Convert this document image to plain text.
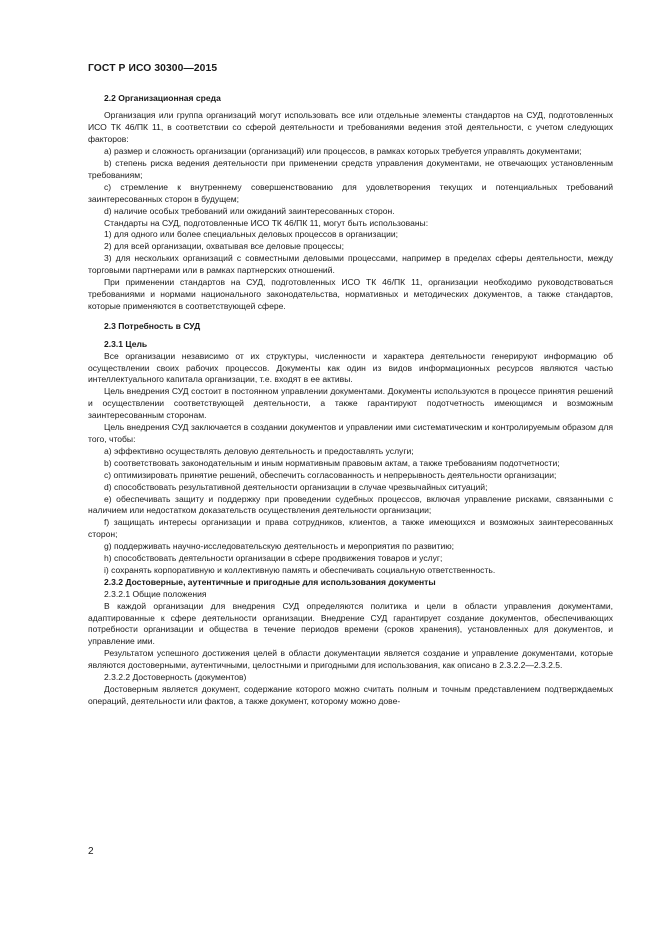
ГОСТ Р ИСО 30300—2015

2.2 Организационная среда

Организация или группа организаций могут использовать все или отдельные элементы стандартов на СУД, подготовленных ИСО ТК 46/ПК 11, в соответствии со сферой деятельности и требованиями ведения этой деятельности, с учетом следующих факторов:

a) размер и сложность организации (организаций) или процессов, в рамках которых требуется управлять документами;

b) степень риска ведения деятельности при применении средств управления документами, не отвечающих установленным требованиям;

c) стремление к внутреннему совершенствованию для удовлетворения текущих и потенциальных требований заинтересованных сторон в будущем;

d) наличие особых требований или ожиданий заинтересованных сторон.

Стандарты на СУД, подготовленные ИСО ТК 46/ПК 11, могут быть использованы:

1) для одного или более специальных деловых процессов в организации;

2) для всей организации, охватывая все деловые процессы;

3) для нескольких организаций с совместными деловыми процессами, например в пределах сферы деятельности, между торговыми партнерами или в рамках партнерских отношений.

При применении стандартов на СУД, подготовленных ИСО ТК 46/ПК 11, организации необходимо руководствоваться требованиями и нормами национального законодательства, нормативных и методических документов, а также стандартов, которые применяются в соответствующей сфере.

2.3 Потребность в СУД

2.3.1 Цель

Все организации независимо от их структуры, численности и характера деятельности генерируют информацию об осуществлении своих рабочих процессов. Документы как один из видов информационных ресурсов являются частью интеллектуального капитала организации, т.е. входят в ее активы.

Цель внедрения СУД состоит в постоянном управлении документами. Документы используются в процессе принятия решений и осуществлении соответствующей деятельности, а также гарантируют подотчетность имеющимся и возможным заинтересованным сторонам.

Цель внедрения СУД заключается в создании документов и управлении ими систематическим и контролируемым образом для того, чтобы:

a) эффективно осуществлять деловую деятельность и предоставлять услуги;

b) соответствовать законодательным и иным нормативным правовым актам, а также требованиям подотчетности;

c) оптимизировать принятие решений, обеспечить согласованность и непрерывность деятельности организации;

d) способствовать результативной деятельности организации в случае чрезвычайных ситуаций;

e) обеспечивать защиту и поддержку при проведении судебных процессов, включая управление рисками, связанными с наличием или недостатком доказательств осуществления деятельности организации;

f) защищать интересы организации и права сотрудников, клиентов, а также имеющихся и возможных заинтересованных сторон;

g) поддерживать научно-исследовательскую деятельность и мероприятия по развитию;

h) способствовать деятельности организации в сфере продвижения товаров и услуг;

i) сохранять корпоративную и коллективную память и обеспечивать социальную ответственность.

2.3.2 Достоверные, аутентичные и пригодные для использования документы

2.3.2.1 Общие положения

В каждой организации для внедрения СУД определяются политика и цели в области управления документами, адаптированные к сфере деятельности организации. Внедрение СУД гарантирует создание документов, обеспечивающих потребности организации и общества в течение периодов времени (сроков хранения), установленных для документов, и управление ими.

Результатом успешного достижения целей в области документации является создание и управление документами, которые являются достоверными, аутентичными, целостными и пригодными для использования, как описано в 2.3.2.2—2.3.2.5.

2.3.2.2 Достоверность (документов)

Достоверным является документ, содержание которого можно считать полным и точным представлением подтверждаемых операций, деятельности или фактов, а также документ, которому можно дове-

2
